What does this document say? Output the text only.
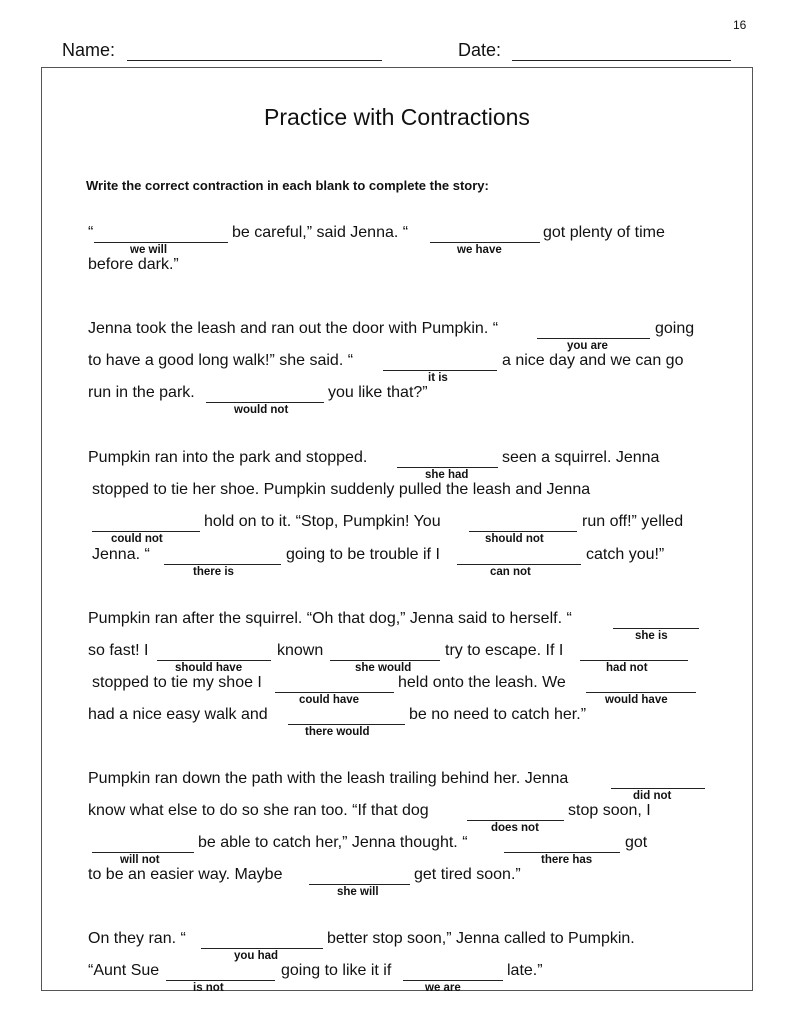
16
Name:	Date:
Practice with Contractions
Write the correct contraction in each blank to complete the story:
“
we will
be careful,” said Jenna. “
we have
got plenty of time
before dark.”
Jenna took the leash and ran out the door with Pumpkin. “
you are
going
to have a good long walk!” she said. “
it is
a nice day and we can go
run in the park.
would not
you like that?”
Pumpkin ran into the park and stopped.
she had
seen a squirrel. Jenna
stopped to tie her shoe. Pumpkin suddenly pulled the leash and Jenna
could not
hold on to it. “Stop, Pumpkin! You
should not
run off!” yelled
Jenna. “
there is
going to be trouble if I
can not
catch you!”
Pumpkin ran after the squirrel. “Oh that dog,” Jenna said to herself. “
she is
so fast! I
should have
known
she would
try to escape. If I
had not
stopped to tie my shoe I
could have
held onto the leash. We
would have
had a nice easy walk and
there would
be no need to catch her.”
Pumpkin ran down the path with the leash trailing behind her. Jenna
did not
know what else to do so she ran too. “If that dog
does not
stop soon, I
will not
be able to catch her,” Jenna thought. “
there has
got
to be an easier way. Maybe
she will
get tired soon.”
On they ran. “
you had
better stop soon,” Jenna called to Pumpkin.
“Aunt Sue
is not
going to like it if
we are
late.”
